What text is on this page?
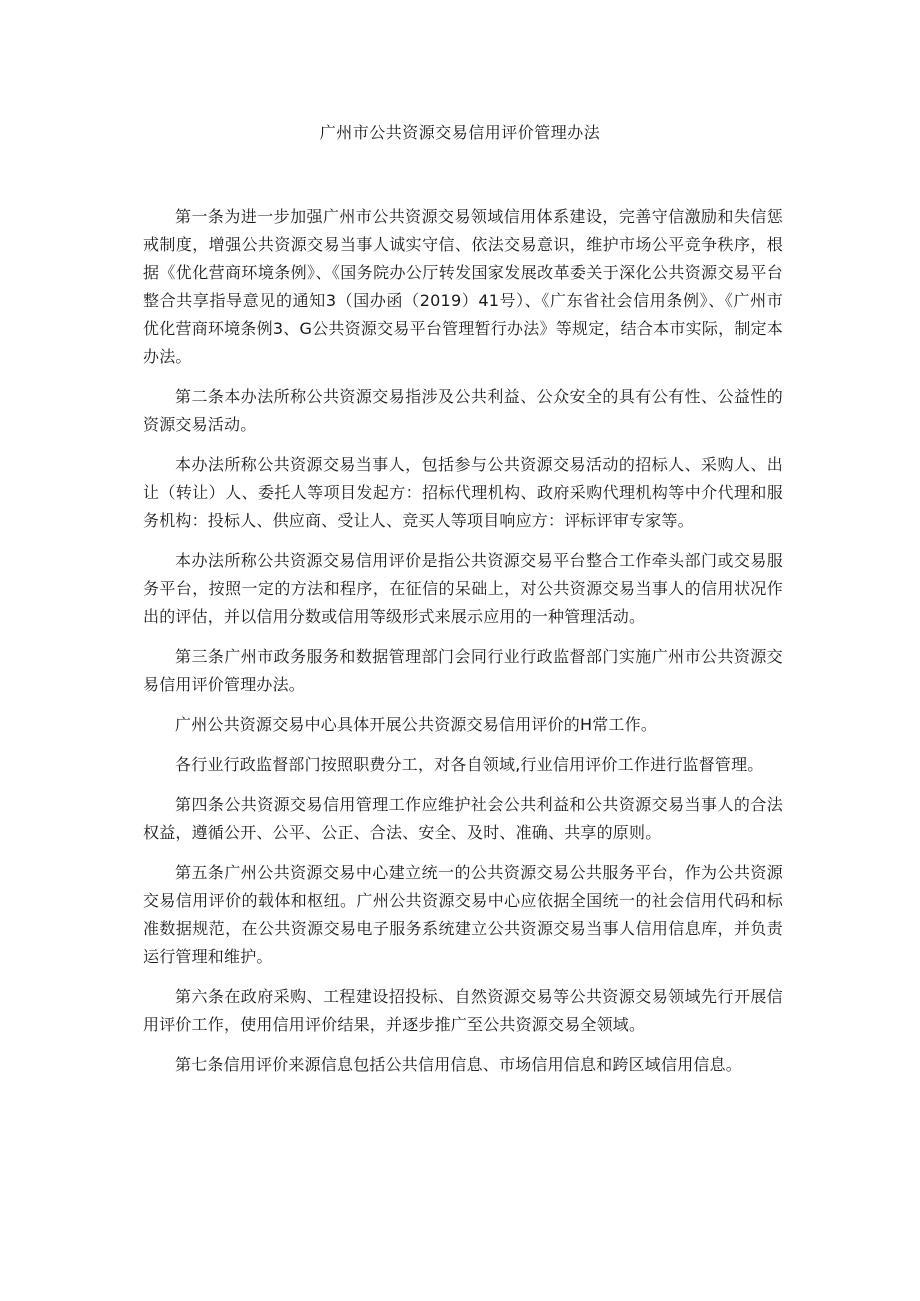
广州市公共资源交易信用评价管理办法

第一条为进一步加强广州市公共资源交易领域信用体系建设，完善守信激励和失信惩戒制度，增强公共资源交易当事人诚实守信、依法交易意识，维护市场公平竞争秩序，根据《优化营商环境条例》、《国务院办公厅转发国家发展改革委关于深化公共资源交易平台整合共享指导意见的通知3（国办函（2019）41号）、《广东省社会信用条例》、《广州市优化营商环境条例3、G公共资源交易平台管理暂行办法》等规定，结合本市实际，制定本办法。

第二条本办法所称公共资源交易指涉及公共利益、公众安全的具有公有性、公益性的资源交易活动。

本办法所称公共资源交易当事人，包括参与公共资源交易活动的招标人、采购人、出让（转让）人、委托人等项目发起方：招标代理机构、政府采购代理机构等中介代理和服务机构：投标人、供应商、受让人、竞买人等项目响应方：评标评审专家等。

本办法所称公共资源交易信用评价是指公共资源交易平台整合工作牵头部门或交易服务平台，按照一定的方法和程序，在征信的呆础上，对公共资源交易当事人的信用状况作出的评估，并以信用分数或信用等级形式来展示应用的一种管理活动。

第三条广州市政务服务和数据管理部门会同行业行政监督部门实施广州市公共资源交易信用评价管理办法。

广州公共资源交易中心具体开展公共资源交易信用评价的H常工作。

各行业行政监督部门按照职费分工，对各自领域,行业信用评价工作进行监督管理。

第四条公共资源交易信用管理工作应维护社会公共利益和公共资源交易当事人的合法权益，遵循公开、公平、公正、合法、安全、及时、准确、共享的原则。

第五条广州公共资源交易中心建立统一的公共资源交易公共服务平台，作为公共资源交易信用评价的载体和枢纽。广州公共资源交易中心应依据全国统一的社会信用代码和标准数据规范，在公共资源交易电子服务系统建立公共资源交易当事人信用信息库，并负责运行管理和维护。

第六条在政府采购、工程建设招投标、自然资源交易等公共资源交易领域先行开展信用评价工作，使用信用评价结果，并逐步推广至公共资源交易全领域。

第七条信用评价来源信息包括公共信用信息、市场信用信息和跨区域信用信息。
